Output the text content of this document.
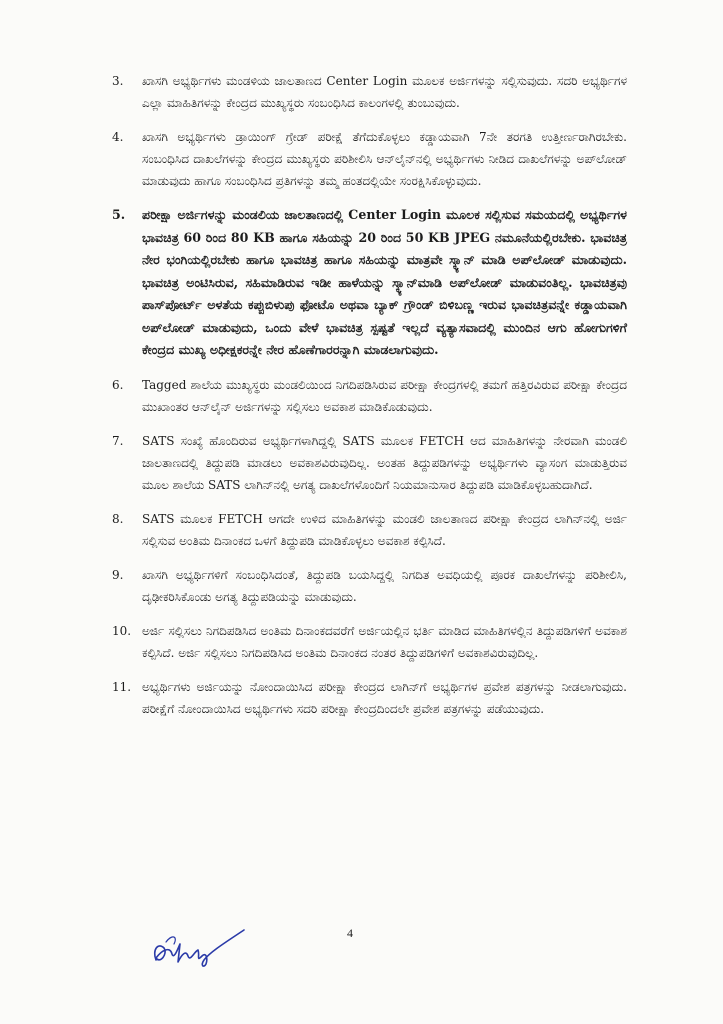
3.	ಖಾಸಗಿ ಅಭ್ಯರ್ಥಿಗಳು ಮಂಡಳಿಯ ಜಾಲತಾಣದ Center Login ಮೂಲಕ ಅರ್ಜಿಗಳನ್ನು ಸಲ್ಲಿಸುವುದು. ಸದರಿ ಅಭ್ಯರ್ಥಿಗಳ ಎಲ್ಲಾ ಮಾಹಿತಿಗಳನ್ನು ಕೇಂದ್ರದ ಮುಖ್ಯಸ್ಥರು ಸಂಬಂಧಿಸಿದ ಕಾಲಂಗಳಲ್ಲಿ ತುಂಬುವುದು.
4.	ಖಾಸಗಿ ಅಭ್ಯರ್ಥಿಗಳು ಡ್ರಾಯಿಂಗ್ ಗ್ರೇಡ್ ಪರೀಕ್ಷೆ ತೆಗೆದುಕೊಳ್ಳಲು ಕಡ್ಡಾಯವಾಗಿ 7ನೇ ತರಗತಿ ಉತ್ತೀರ್ಣರಾಗಿರಬೇಕು. ಸಂಬಂಧಿಸಿದ ದಾಖಲೆಗಳನ್ನು ಕೇಂದ್ರದ ಮುಖ್ಯಸ್ಥರು ಪರಿಶೀಲಿಸಿ ಆನ್‌ಲೈನ್‌ನಲ್ಲಿ ಅಭ್ಯರ್ಥಿಗಳು ನೀಡಿದ ದಾಖಲೆಗಳನ್ನು ಅಪ್‌ಲೋಡ್ ಮಾಡುವುದು ಹಾಗೂ ಸಂಬಂಧಿಸಿದ ಪ್ರತಿಗಳನ್ನು ತಮ್ಮ ಹಂತದಲ್ಲಿಯೇ ಸಂರಕ್ಷಿಸಿಕೊಳ್ಳುವುದು.
5.	ಪರೀಕ್ಷಾ ಅರ್ಜಿಗಳನ್ನು ಮಂಡಲಿಯ ಜಾಲತಾಣದಲ್ಲಿ Center Login ಮೂಲಕ ಸಲ್ಲಿಸುವ ಸಮಯದಲ್ಲಿ ಅಭ್ಯರ್ಥಿಗಳ ಭಾವಚಿತ್ರ 60 ರಿಂದ 80 KB ಹಾಗೂ ಸಹಿಯನ್ನು 20 ರಿಂದ 50 KB JPEG ನಮೂನೆಯಲ್ಲಿರಬೇಕು. ಭಾವಚಿತ್ರ ನೇರ ಭಂಗಿಯಲ್ಲಿರಬೇಕು ಹಾಗೂ ಭಾವಚಿತ್ರ ಹಾಗೂ ಸಹಿಯನ್ನು ಮಾತ್ರವೇ ಸ್ಕ್ಯಾನ್ ಮಾಡಿ ಅಪ್‌ಲೋಡ್ ಮಾಡುವುದು. ಭಾವಚಿತ್ರ ಅಂಟಿಸಿರುವ, ಸಹಿಮಾಡಿರುವ ಇಡೀ ಹಾಳೆಯನ್ನು ಸ್ಕ್ಯಾನ್‌ಮಾಡಿ ಅಪ್‌ಲೋಡ್ ಮಾಡುವಂತಿಲ್ಲ. ಭಾವಚಿತ್ರವು ಪಾಸ್‌ಪೋರ್ಟ್ ಅಳತೆಯ ಕಪ್ಪುಬಿಳುಪು ಫೋಟೊ ಅಥವಾ ಬ್ಯಾಕ್ ಗ್ರೌಂಡ್ ಬಿಳಿಬಣ್ಣ ಇರುವ ಭಾವಚಿತ್ರವನ್ನೇ ಕಡ್ಡಾಯವಾಗಿ ಅಪ್‌ಲೋಡ್ ಮಾಡುವುದು, ಒಂದು ವೇಳೆ ಭಾವಚಿತ್ರ ಸ್ಪಷ್ಟತೆ ಇಲ್ಲದೆ ವ್ಯತ್ಯಾಸವಾದಲ್ಲಿ ಮುಂದಿನ ಆಗು ಹೋಗುಗಳಿಗೆ ಕೇಂದ್ರದ ಮುಖ್ಯ ಅಧೀಕ್ಷಕರನ್ನೇ ನೇರ ಹೊಣೆಗಾರರನ್ನಾಗಿ ಮಾಡಲಾಗುವುದು.
6.	Tagged ಶಾಲೆಯ ಮುಖ್ಯಸ್ಥರು ಮಂಡಲಿಯಿಂದ ನಿಗದಿಪಡಿಸಿರುವ ಪರೀಕ್ಷಾ ಕೇಂದ್ರಗಳಲ್ಲಿ ತಮಗೆ ಹತ್ತಿರವಿರುವ ಪರೀಕ್ಷಾ ಕೇಂದ್ರದ ಮುಖಾಂತರ ಆನ್‌ಲೈನ್ ಅರ್ಜಿಗಳನ್ನು ಸಲ್ಲಿಸಲು ಅವಕಾಶ ಮಾಡಿಕೊಡುವುದು.
7.	SATS ಸಂಖ್ಯೆ ಹೊಂದಿರುವ ಅಭ್ಯರ್ಥಿಗಳಾಗಿದ್ದಲ್ಲಿ SATS ಮೂಲಕ FETCH ಆದ ಮಾಹಿತಿಗಳನ್ನು ನೇರವಾಗಿ ಮಂಡಲಿ ಜಾಲತಾಣದಲ್ಲಿ ತಿದ್ದುಪಡಿ ಮಾಡಲು ಅವಕಾಶವಿರುವುದಿಲ್ಲ. ಅಂತಹ ತಿದ್ದುಪಡಿಗಳನ್ನು ಅಭ್ಯರ್ಥಿಗಳು ವ್ಯಾಸಂಗ ಮಾಡುತ್ತಿರುವ ಮೂಲ ಶಾಲೆಯ SATS ಲಾಗಿನ್‌ನಲ್ಲಿ ಅಗತ್ಯ ದಾಖಲೆಗಳೊಂದಿಗೆ ನಿಯಮಾನುಸಾರ ತಿದ್ದುಪಡಿ ಮಾಡಿಕೊಳ್ಳಬಹುದಾಗಿದೆ.
8.	SATS ಮೂಲಕ FETCH ಆಗದೇ ಉಳಿದ ಮಾಹಿತಿಗಳನ್ನು ಮಂಡಲಿ ಜಾಲತಾಣದ ಪರೀಕ್ಷಾ ಕೇಂದ್ರದ ಲಾಗಿನ್‌ನಲ್ಲಿ ಅರ್ಜಿ ಸಲ್ಲಿಸುವ ಅಂತಿಮ ದಿನಾಂಕದ ಒಳಗೆ ತಿದ್ದುಪಡಿ ಮಾಡಿಕೊಳ್ಳಲು ಅವಕಾಶ ಕಲ್ಪಿಸಿದೆ.
9.	ಖಾಸಗಿ ಅಭ್ಯರ್ಥಿಗಳಿಗೆ ಸಂಬಂಧಿಸಿದಂತೆ, ತಿದ್ದುಪಡಿ ಬಯಸಿದ್ದಲ್ಲಿ ನಿಗದಿತ ಅವಧಿಯಲ್ಲಿ ಪೂರಕ ದಾಖಲೆಗಳನ್ನು ಪರಿಶೀಲಿಸಿ, ದೃಢೀಕರಿಸಿಕೊಂಡು ಅಗತ್ಯ ತಿದ್ದುಪಡಿಯನ್ನು ಮಾಡುವುದು.
10. ಅರ್ಜಿ ಸಲ್ಲಿಸಲು ನಿಗದಿಪಡಿಸಿದ ಅಂತಿಮ ದಿನಾಂಕದವರೆಗೆ ಅರ್ಜಿಯಲ್ಲಿನ ಭರ್ತಿ ಮಾಡಿದ ಮಾಹಿತಿಗಳಲ್ಲಿನ ತಿದ್ದುಪಡಿಗಳಿಗೆ ಅವಕಾಶ ಕಲ್ಪಿಸಿದೆ. ಅರ್ಜಿ ಸಲ್ಲಿಸಲು ನಿಗದಿಪಡಿಸಿದ ಅಂತಿಮ ದಿನಾಂಕದ ನಂತರ ತಿದ್ದುಪಡಿಗಳಿಗೆ ಅವಕಾಶವಿರುವುದಿಲ್ಲ.
11. ಅಭ್ಯರ್ಥಿಗಳು ಅರ್ಜಿಯನ್ನು ನೋಂದಾಯಿಸಿದ ಪರೀಕ್ಷಾ ಕೇಂದ್ರದ ಲಾಗಿನ್‌ಗೆ ಅಭ್ಯರ್ಥಿಗಳ ಪ್ರವೇಶ ಪತ್ರಗಳನ್ನು ನೀಡಲಾಗುವುದು. ಪರೀಕ್ಷೆಗೆ ನೋಂದಾಯಿಸಿದ ಅಭ್ಯರ್ಥಿಗಳು ಸದರಿ ಪರೀಕ್ಷಾ ಕೇಂದ್ರದಿಂದಲೇ ಪ್ರವೇಶ ಪತ್ರಗಳನ್ನು ಪಡೆಯುವುದು.
4
